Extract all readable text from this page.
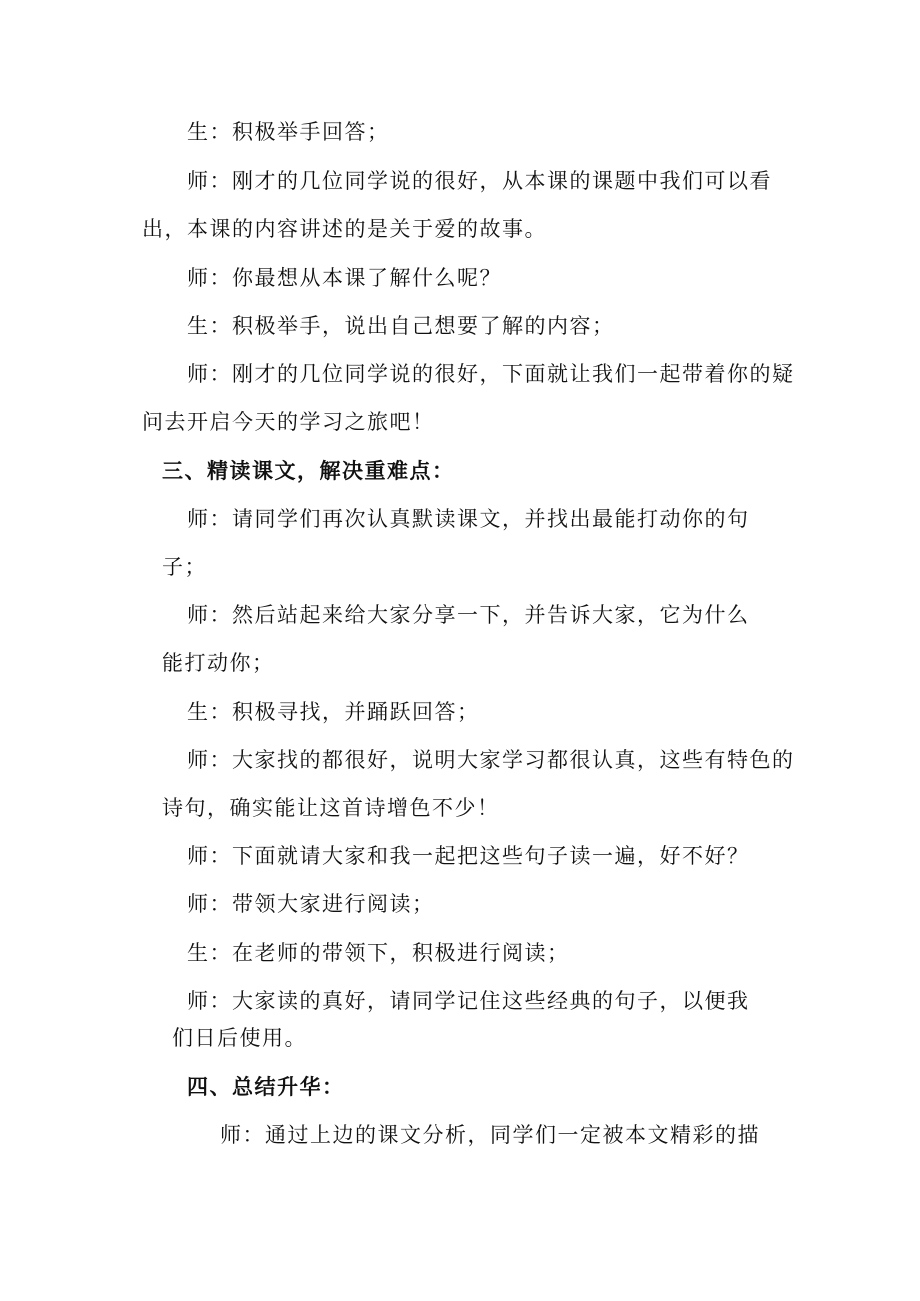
生：积极举手回答；
师：刚才的几位同学说的很好，从本课的课题中我们可以看
出，本课的内容讲述的是关于爱的故事。
师：你最想从本课了解什么呢？
生：积极举手，说出自己想要了解的内容；
师：刚才的几位同学说的很好，下面就让我们一起带着你的疑
问去开启今天的学习之旅吧！
三、精读课文，解决重难点：
师：请同学们再次认真默读课文，并找出最能打动你的句
子；
师：然后站起来给大家分享一下，并告诉大家，它为什么
能打动你；
生：积极寻找，并踊跃回答；
师：大家找的都很好，说明大家学习都很认真，这些有特色的
诗句，确实能让这首诗增色不少！
师：下面就请大家和我一起把这些句子读一遍，好不好？
师：带领大家进行阅读；
生：在老师的带领下，积极进行阅读；
师：大家读的真好，请同学记住这些经典的句子，以便我
们日后使用。
四、总结升华：
师：通过上边的课文分析，同学们一定被本文精彩的描
